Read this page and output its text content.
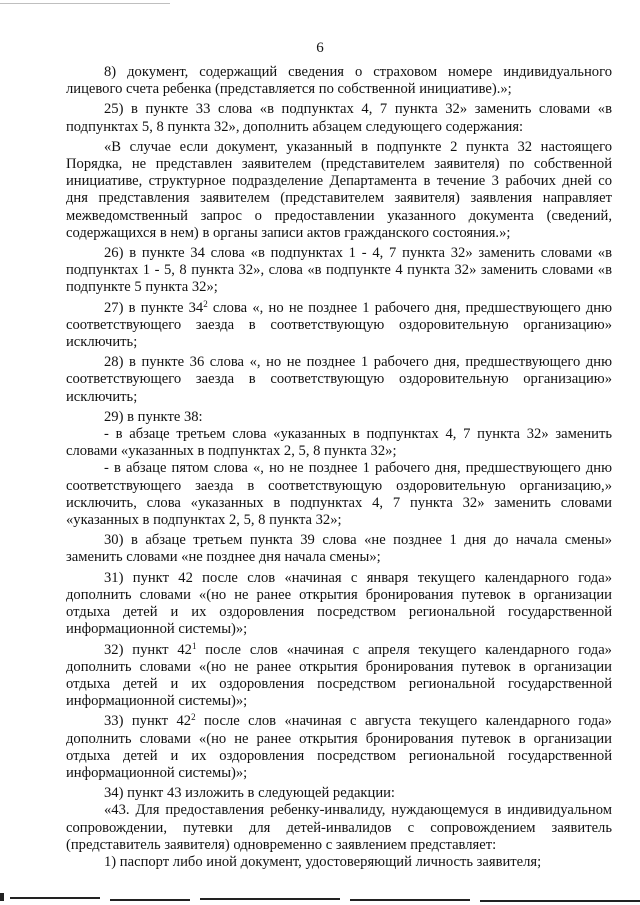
6

8) документ, содержащий сведения о страховом номере индивидуального лицевого счета ребенка (представляется по собственной инициативе).»;

25) в пункте 33 слова «в подпунктах 4, 7 пункта 32» заменить словами «в подпунктах 5, 8 пункта 32», дополнить абзацем следующего содержания:

«В случае если документ, указанный в подпункте 2 пункта 32 настоящего Порядка, не представлен заявителем (представителем заявителя) по собственной инициативе, структурное подразделение Департамента в течение 3 рабочих дней со дня представления заявителем (представителем заявителя) заявления направляет межведомственный запрос о предоставлении указанного документа (сведений, содержащихся в нем) в органы записи актов гражданского состояния.»;

26) в пункте 34 слова «в подпунктах 1 - 4, 7 пункта 32» заменить словами «в подпунктах 1 - 5, 8 пункта 32», слова «в подпункте 4 пункта 32» заменить словами «в подпункте 5 пункта 32»;

27) в пункте $34^2$ слова «, но не позднее 1 рабочего дня, предшествующего дню соответствующего заезда в соответствующую оздоровительную организацию» исключить;

28) в пункте 36 слова «, но не позднее 1 рабочего дня, предшествующего дню соответствующего заезда в соответствующую оздоровительную организацию» исключить;

29) в пункте 38:

- в абзаце третьем слова «указанных в подпунктах 4, 7 пункта 32» заменить словами «указанных в подпунктах 2, 5, 8 пункта 32»;

- в абзаце пятом слова «, но не позднее 1 рабочего дня, предшествующего дню соответствующего заезда в соответствующую оздоровительную организацию,» исключить, слова «указанных в подпунктах 4, 7 пункта 32» заменить словами «указанных в подпунктах 2, 5, 8 пункта 32»;

30) в абзаце третьем пункта 39 слова «не позднее 1 дня до начала смены» заменить словами «не позднее дня начала смены»;

31) пункт 42 после слов «начиная с января текущего календарного года» дополнить словами «(но не ранее открытия бронирования путевок в организации отдыха детей и их оздоровления посредством региональной государственной информационной системы)»;

32) пункт $42^1$ после слов «начиная с апреля текущего календарного года» дополнить словами «(но не ранее открытия бронирования путевок в организации отдыха детей и их оздоровления посредством региональной государственной информационной системы)»;

33) пункт $42^2$ после слов «начиная с августа текущего календарного года» дополнить словами «(но не ранее открытия бронирования путевок в организации отдыха детей и их оздоровления посредством региональной государственной информационной системы)»;

34) пункт 43 изложить в следующей редакции:

«43. Для предоставления ребенку-инвалиду, нуждающемуся в индивидуальном сопровождении, путевки для детей-инвалидов с сопровождением заявитель (представитель заявителя) одновременно с заявлением представляет:

1) паспорт либо иной документ, удостоверяющий личность заявителя;
